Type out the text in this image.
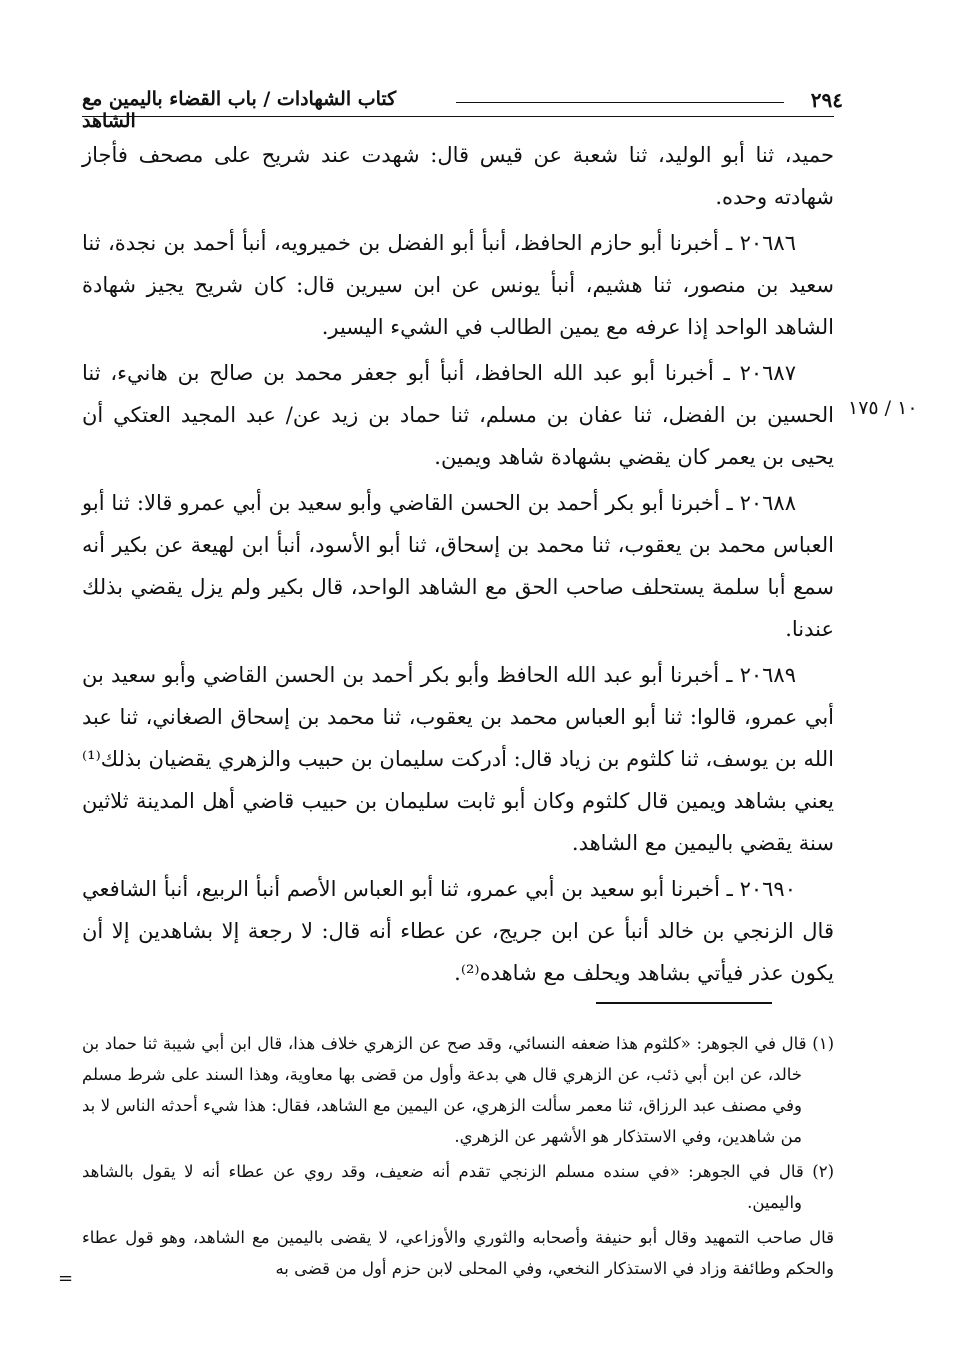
٢٩٤
كتاب الشهادات / باب القضاء باليمين مع الشاهد
١٠ / ١٧٥

حميد، ثنا أبو الوليد، ثنا شعبة عن قيس قال: شهدت عند شريح على مصحف فأجاز شهادته وحده.

٢٠٦٨٦ ـ أخبرنا أبو حازم الحافظ، أنبأ أبو الفضل بن خميرويه، أنبأ أحمد بن نجدة، ثنا سعيد بن منصور، ثنا هشيم، أنبأ يونس عن ابن سيرين قال: كان شريح يجيز شهادة الشاهد الواحد إذا عرفه مع يمين الطالب في الشيء اليسير.

٢٠٦٨٧ ـ أخبرنا أبو عبد الله الحافظ، أنبأ أبو جعفر محمد بن صالح بن هانيء، ثنا الحسين بن الفضل، ثنا عفان بن مسلم، ثنا حماد بن زيد عن/ عبد المجيد العتكي أن يحيى بن يعمر كان يقضي بشهادة شاهد ويمين.

٢٠٦٨٨ ـ أخبرنا أبو بكر أحمد بن الحسن القاضي وأبو سعيد بن أبي عمرو قالا: ثنا أبو العباس محمد بن يعقوب، ثنا محمد بن إسحاق، ثنا أبو الأسود، أنبأ ابن لهيعة عن بكير أنه سمع أبا سلمة يستحلف صاحب الحق مع الشاهد الواحد، قال بكير ولم يزل يقضي بذلك عندنا.

٢٠٦٨٩ ـ أخبرنا أبو عبد الله الحافظ وأبو بكر أحمد بن الحسن القاضي وأبو سعيد بن أبي عمرو، قالوا: ثنا أبو العباس محمد بن يعقوب، ثنا محمد بن إسحاق الصغاني، ثنا عبد الله بن يوسف، ثنا كلثوم بن زياد قال: أدركت سليمان بن حبيب والزهري يقضيان بذلك⁽¹⁾ يعني بشاهد ويمين قال كلثوم وكان أبو ثابت سليمان بن حبيب قاضي أهل المدينة ثلاثين سنة يقضي باليمين مع الشاهد.

٢٠٦٩٠ ـ أخبرنا أبو سعيد بن أبي عمرو، ثنا أبو العباس الأصم أنبأ الربيع، أنبأ الشافعي قال الزنجي بن خالد أنبأ عن ابن جريج، عن عطاء أنه قال: لا رجعة إلا بشاهدين إلا أن يكون عذر فيأتي بشاهد ويحلف مع شاهده⁽²⁾.

(١) قال في الجوهر: «كلثوم هذا ضعفه النسائي، وقد صح عن الزهري خلاف هذا، قال ابن أبي شيبة ثنا حماد بن خالد، عن ابن أبي ذئب، عن الزهري قال هي بدعة وأول من قضى بها معاوية، وهذا السند على شرط مسلم وفي مصنف عبد الرزاق، ثنا معمر سألت الزهري، عن اليمين مع الشاهد، فقال: هذا شيء أحدثه الناس لا بد من شاهدين، وفي الاستذكار هو الأشهر عن الزهري.

(٢) قال في الجوهر: «في سنده مسلم الزنجي تقدم أنه ضعيف، وقد روي عن عطاء أنه لا يقول بالشاهد واليمين.

قال صاحب التمهيد وقال أبو حنيفة وأصحابه والثوري والأوزاعي، لا يقضى باليمين مع الشاهد، وهو قول عطاء والحكم وطائفة وزاد في الاستذكار النخعي، وفي المحلى لابن حزم أول من قضى به

=
